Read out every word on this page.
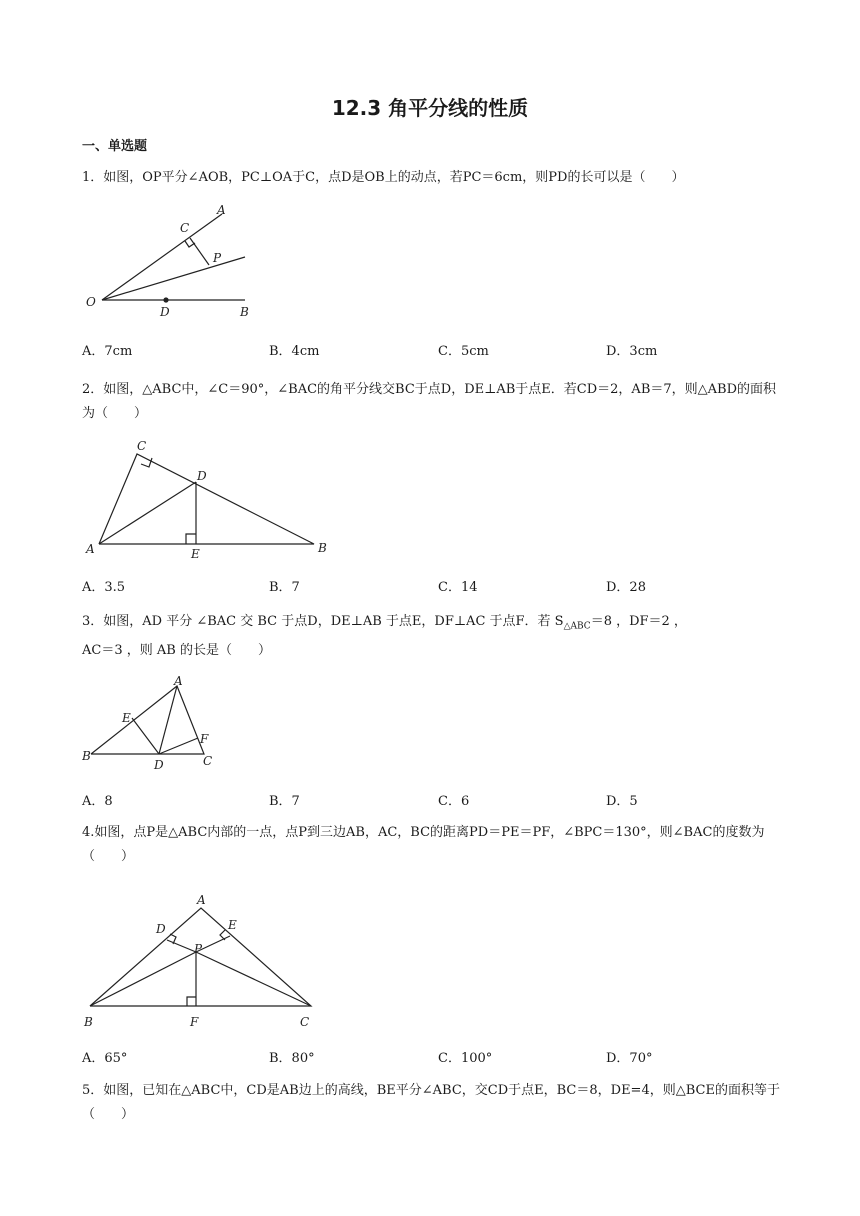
12.3 角平分线的性质
一、单选题
1．如图，OP平分∠AOB，PC⊥OA于C，点D是OB上的动点，若PC＝6cm，则PD的长可以是（　　）
A
C
P
O
D	B
A．7cm	B．4cm	C．5cm	D．3cm
2．如图，△ABC中，∠C＝90°，∠BAC的角平分线交BC于点D，DE⊥AB于点E．若CD＝2，AB＝7，则△ABD的面积为（　　）
C
D
A	E	B
A．3.5	B．7	C．14	D．28
3．如图，AD 平分 ∠BAC 交 BC 于点D，DE⊥AB 于点E，DF⊥AC 于点F．若 $S_{\triangle ABC}=8$ ，DF＝2 ，
AC＝3 ，则 AB 的长是（　　）
A
E
F
B
D	C
A．8	B．7	C．6	D．5
4.如图，点P是△ABC内部的一点，点P到三边AB，AC，BC的距离PD＝PE＝PF，∠BPC＝130°，则∠BAC的度数为（　　）
A
D	E
P
B	F	C
A．65°	B．80°	C．100°	D．70°
5．如图，已知在△ABC中，CD是AB边上的高线，BE平分∠ABC，交CD于点E，BC＝8，DE=4，则△BCE的面积等于（　　）
